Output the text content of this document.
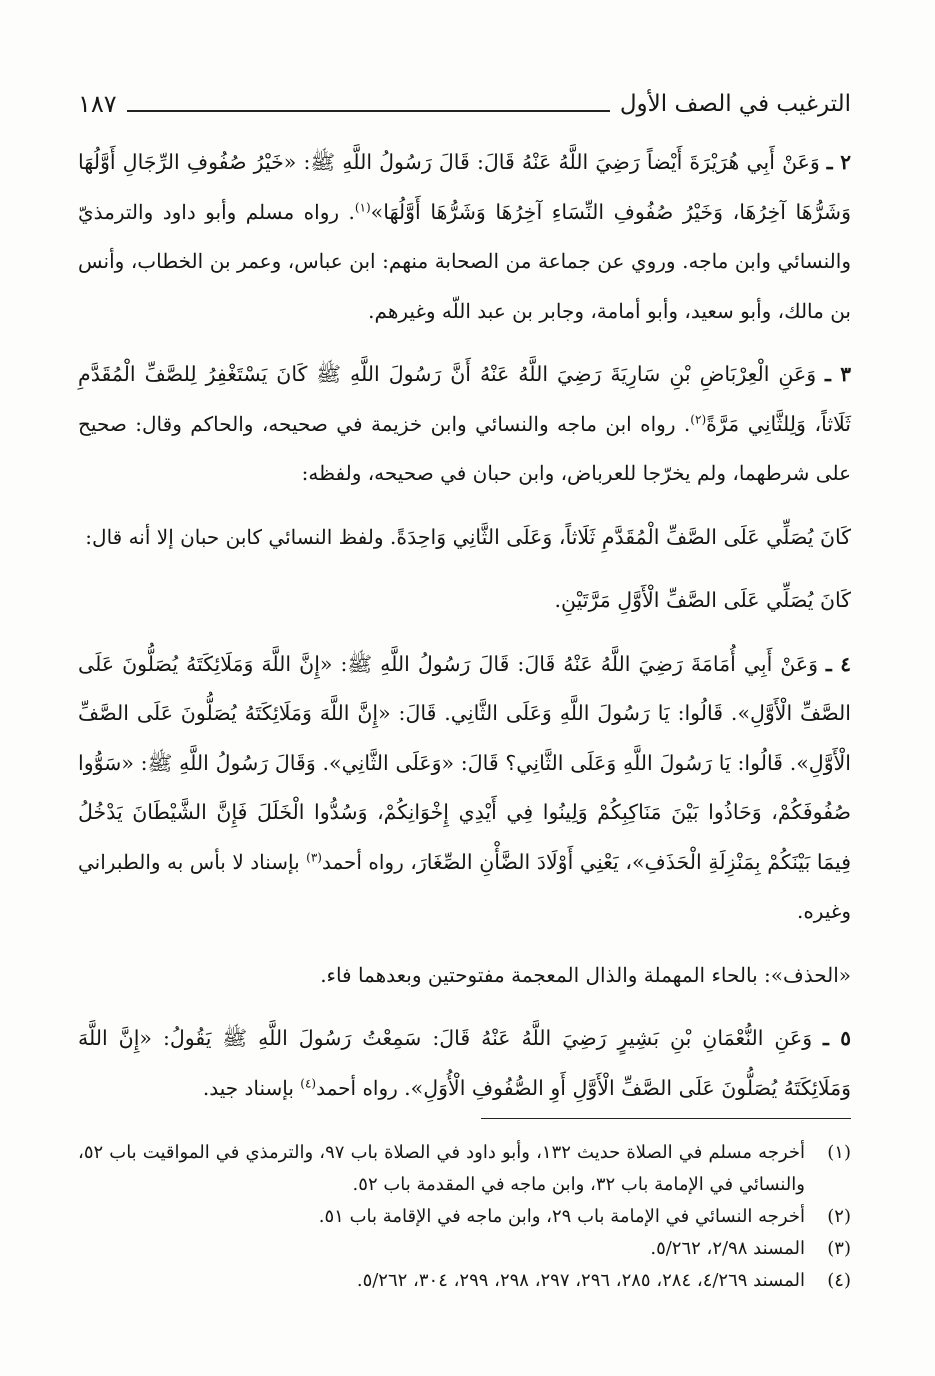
الترغيب في الصف الأول
١٨٧

٢ ـ وَعَنْ أَبِي هُرَيْرَةَ أَيْضاً رَضِيَ اللَّهُ عَنْهُ قَالَ: قَالَ رَسُولُ اللَّهِ ﷺ: «خَيْرُ صُفُوفِ الرِّجَالِ أَوَّلُهَا وَشَرُّهَا آخِرُهَا، وَخَيْرُ صُفُوفِ النِّسَاءِ آخِرُهَا وَشَرُّهَا أَوَّلُهَا»$^{(١)}$. رواه مسلم وأبو داود والترمذيّ والنسائي وابن ماجه. وروي عن جماعة من الصحابة منهم: ابن عباس، وعمر بن الخطاب، وأنس بن مالك، وأبو سعيد، وأبو أمامة، وجابر بن عبد اللّه وغيرهم.

٣ ـ وَعَنِ الْعِرْبَاضِ بْنِ سَارِيَةَ رَضِيَ اللَّهُ عَنْهُ أَنَّ رَسُولَ اللَّهِ ﷺ كَانَ يَسْتَغْفِرُ لِلصَّفِّ الْمُقَدَّمِ ثَلَاثاً، وَلِلثَّانِي مَرَّةً$^{(٢)}$. رواه ابن ماجه والنسائي وابن خزيمة في صحيحه، والحاكم وقال: صحيح على شرطهما، ولم يخرّجا للعرباض، وابن حبان في صحيحه، ولفظه:

كَانَ يُصَلِّي عَلَى الصَّفِّ الْمُقَدَّمِ ثَلَاثاً، وَعَلَى الثَّانِي وَاحِدَةً. ولفظ النسائي كابن حبان إلا أنه قال:

كَانَ يُصَلِّي عَلَى الصَّفِّ الْأَوَّلِ مَرَّتَيْنِ.

٤ ـ وَعَنْ أَبِي أُمَامَةَ رَضِيَ اللَّهُ عَنْهُ قَالَ: قَالَ رَسُولُ اللَّهِ ﷺ: «إِنَّ اللَّهَ وَمَلَائِكَتَهُ يُصَلُّونَ عَلَى الصَّفِّ الْأَوَّلِ». قَالُوا: يَا رَسُولَ اللَّهِ وَعَلَى الثَّانِي. قَالَ: «إِنَّ اللَّهَ وَمَلَائِكَتَهُ يُصَلُّونَ عَلَى الصَّفِّ الْأَوَّلِ». قَالُوا: يَا رَسُولَ اللَّهِ وَعَلَى الثَّانِي؟ قَالَ: «وَعَلَى الثَّانِي». وَقَالَ رَسُولُ اللَّهِ ﷺ: «سَوُّوا صُفُوفَكُمْ، وَحَاذُوا بَيْنَ مَنَاكِبِكُمْ وَلِينُوا فِي أَيْدِي إِخْوَانِكُمْ، وَسُدُّوا الْخَلَلَ فَإِنَّ الشَّيْطَانَ يَدْخُلُ فِيمَا بَيْنَكُمْ بِمَنْزِلَةِ الْحَذَفِ»، يَعْنِي أَوْلَادَ الضَّأْنِ الصِّغَارَ، رواه أحمد$^{(٣)}$ بإسناد لا بأس به والطبراني وغيره.

«الحذف»: بالحاء المهملة والذال المعجمة مفتوحتين وبعدهما فاء.

٥ ـ وَعَنِ النُّعْمَانِ بْنِ بَشِيرٍ رَضِيَ اللَّهُ عَنْهُ قَالَ: سَمِعْتُ رَسُولَ اللَّهِ ﷺ يَقُولُ: «إِنَّ اللَّهَ وَمَلَائِكَتَهُ يُصَلُّونَ عَلَى الصَّفِّ الْأَوَّلِ أَوِ الصُّفُوفِ الْأُوَلِ». رواه أحمد$^{(٤)}$ بإسناد جيد.

(١)
أخرجه مسلم في الصلاة حديث ١٣٢، وأبو داود في الصلاة باب ٩٧، والترمذي في المواقيت باب ٥٢، والنسائي في الإمامة باب ٣٢، وابن ماجه في المقدمة باب ٥٢.
(٢)
أخرجه النسائي في الإمامة باب ٢٩، وابن ماجه في الإقامة باب ٥١.
(٣)
المسند ٢/٩٨، ٥/٢٦٢.
(٤)
المسند ٤/٢٦٩، ٢٨٤، ٢٨٥، ٢٩٦، ٢٩٧، ٢٩٨، ٢٩٩، ٣٠٤، ٥/٢٦٢.
